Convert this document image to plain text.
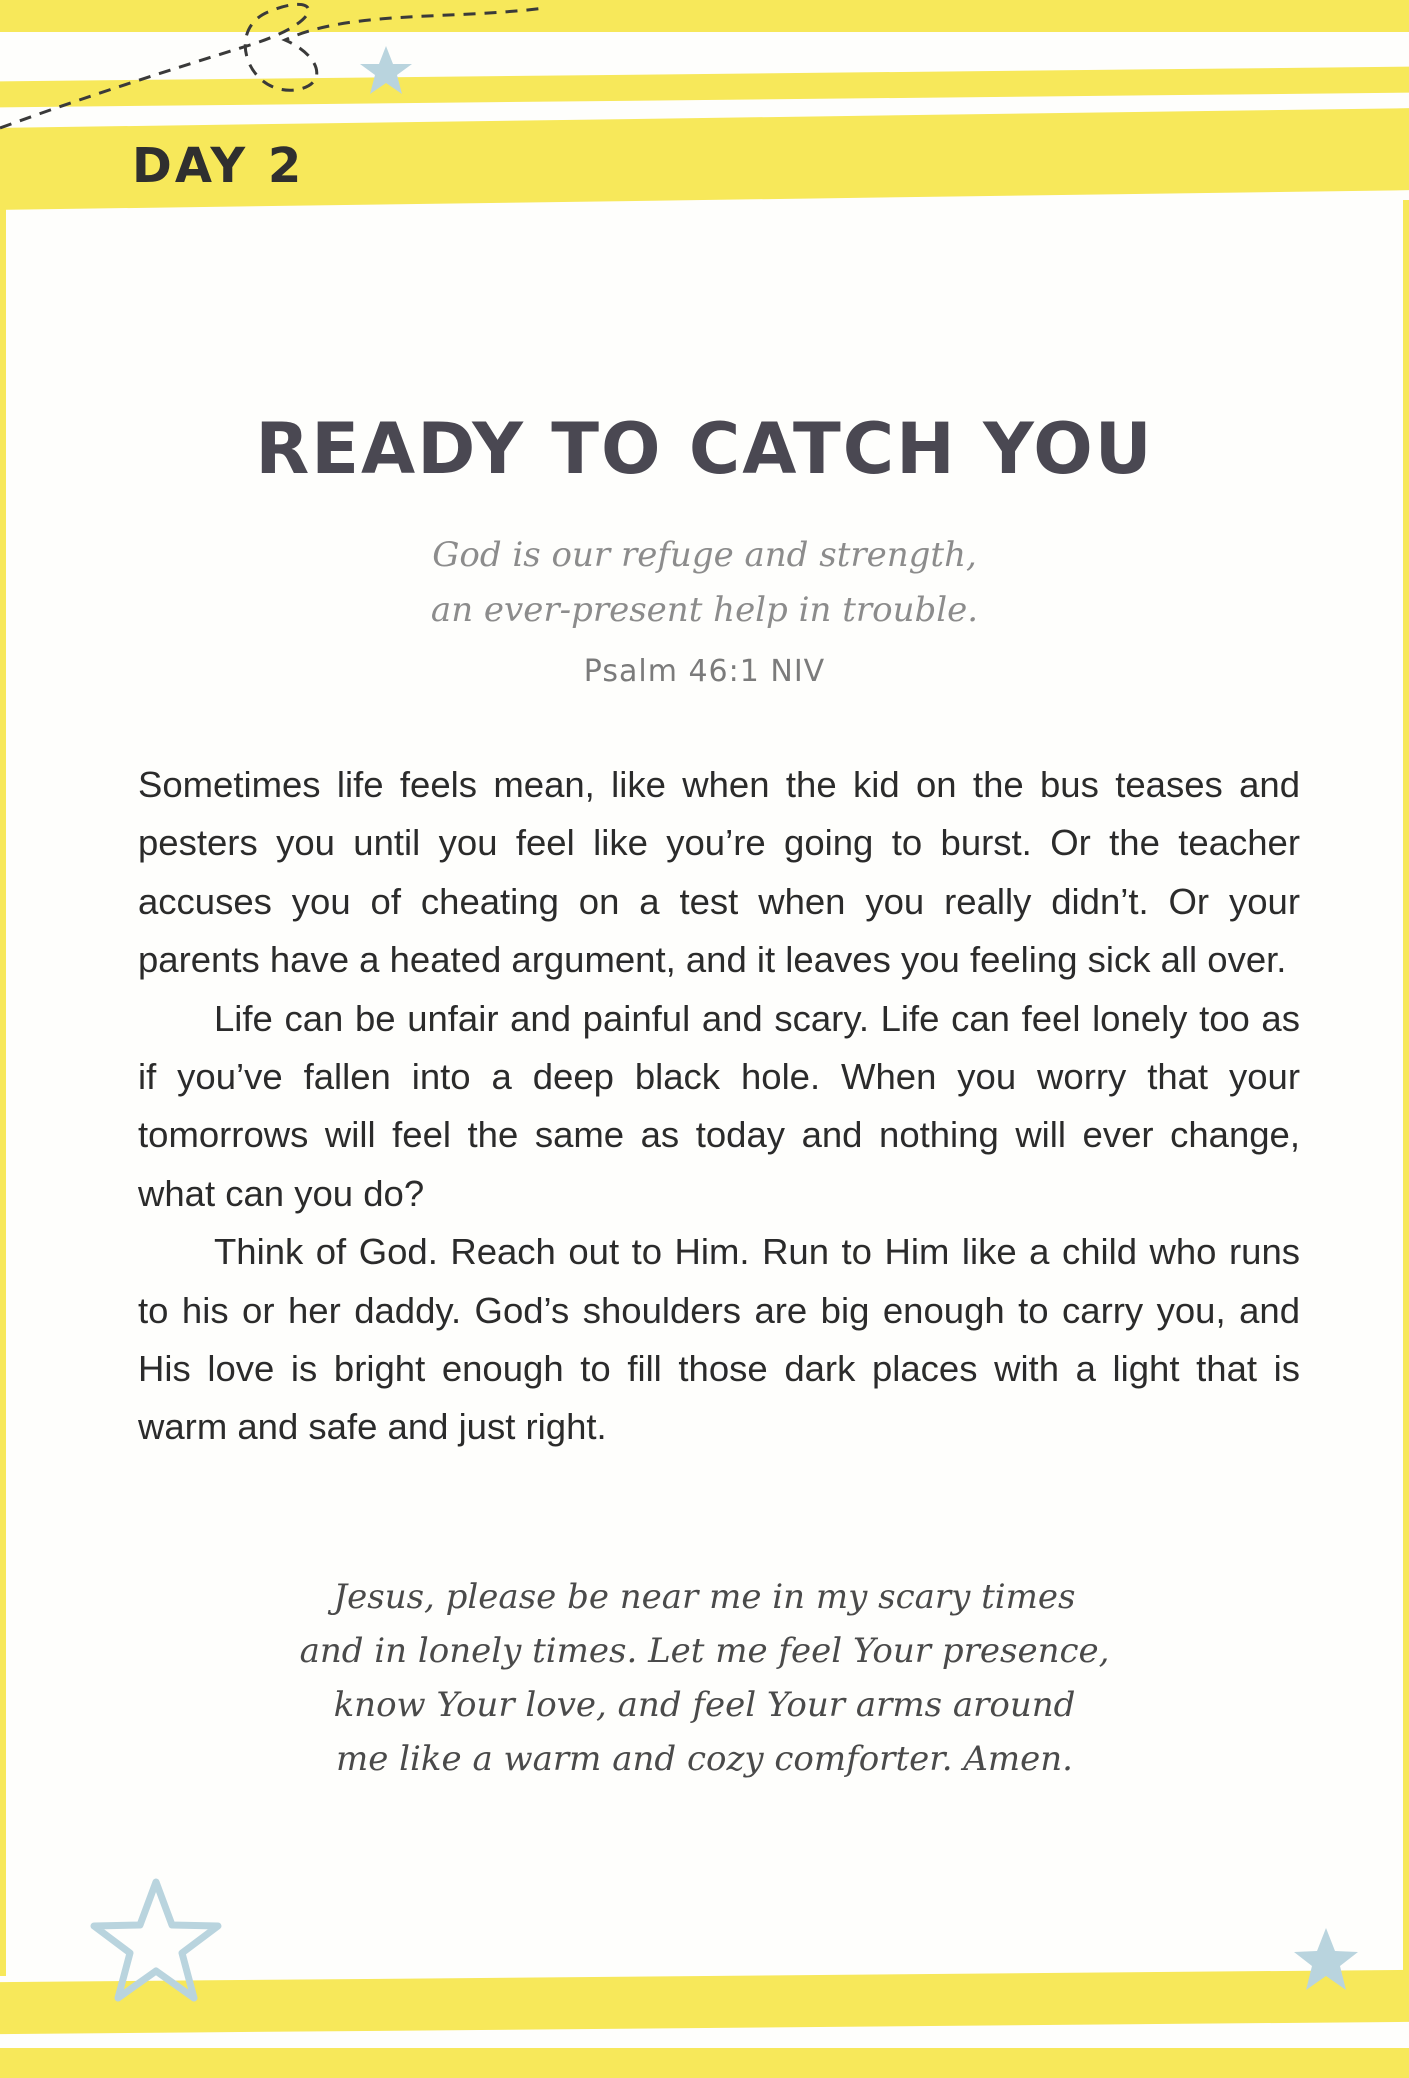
DAY 2
READY TO CATCH YOU
God is our refuge and strength,
an ever-present help in trouble.
Psalm 46:1 NIV

Sometimes life feels mean, like when the kid on the bus teases and pesters you until you feel like you’re going to burst. Or the teacher accuses you of cheating on a test when you really didn’t. Or your parents have a heated argument, and it leaves you feeling sick all over.

Life can be unfair and painful and scary. Life can feel lonely too as if you’ve fallen into a deep black hole. When you worry that your tomorrows will feel the same as today and nothing will ever change, what can you do?

Think of God. Reach out to Him. Run to Him like a child who runs to his or her daddy. God’s shoulders are big enough to carry you, and His love is bright enough to fill those dark places with a light that is warm and safe and just right.

Jesus, please be near me in my scary times
and in lonely times. Let me feel Your presence,
know Your love, and feel Your arms around
me like a warm and cozy comforter. Amen.
